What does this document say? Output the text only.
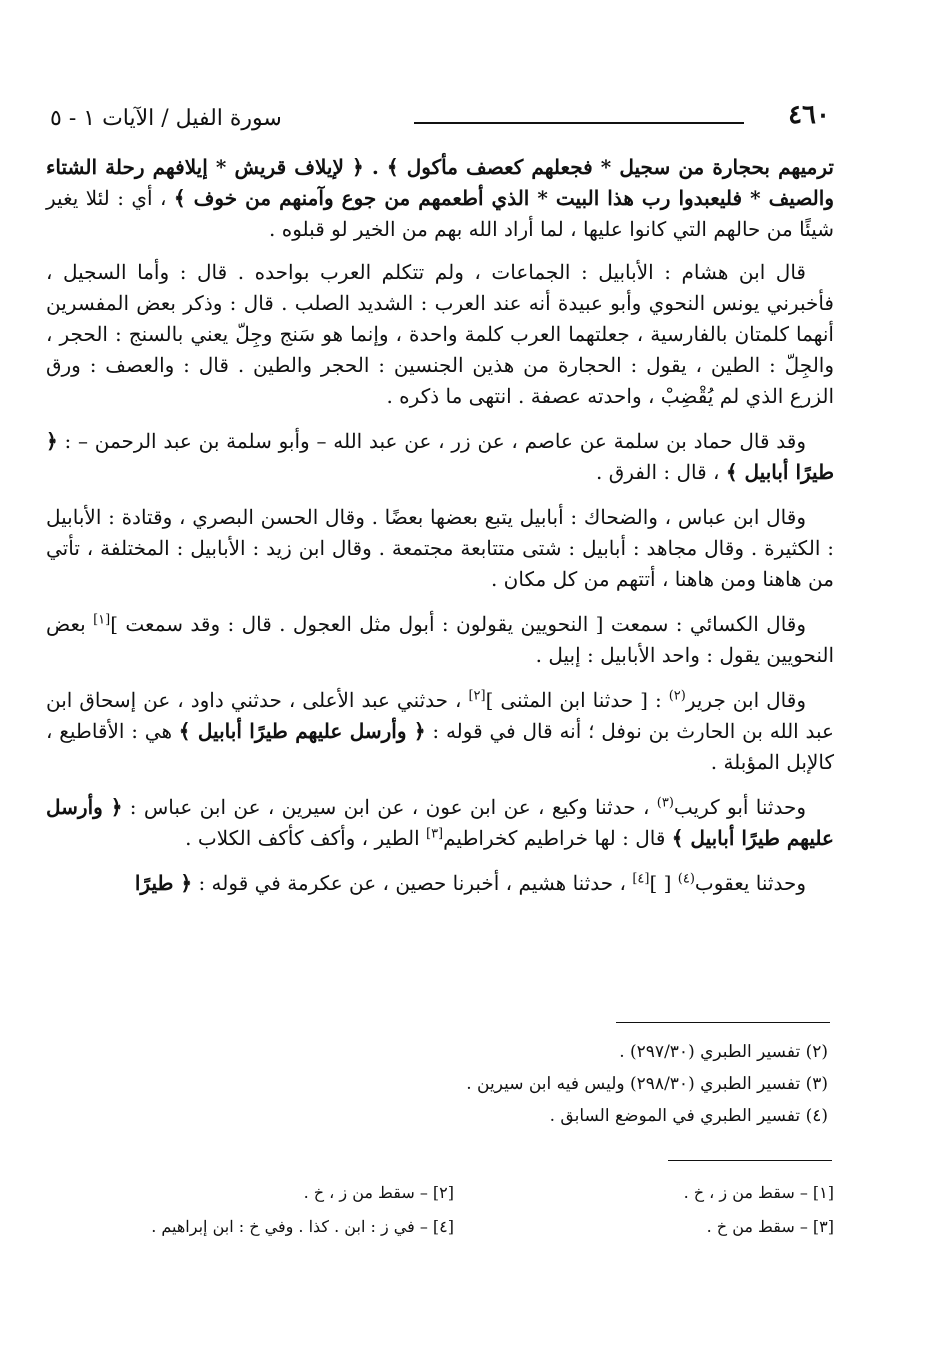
٤٦٠
سورة الفيل / الآيات ١ - ٥

ترميهم بحجارة من سجيل * فجعلهم كعصف مأكول ﴾ . ﴿ لإيلاف قريش * إيلافهم رحلة الشتاء والصيف * فليعبدوا رب هذا البيت * الذي أطعمهم من جوع وآمنهم من خوف ﴾ ، أي : لئلا يغير شيئًا من حالهم التي كانوا عليها ، لما أراد الله بهم من الخير لو قبلوه .

قال ابن هشام : الأبابيل : الجماعات ، ولم تتكلم العرب بواحده . قال : وأما السجيل ، فأخبرني يونس النحوي وأبو عبيدة أنه عند العرب : الشديد الصلب . قال : وذكر بعض المفسرين أنهما كلمتان بالفارسية ، جعلتهما العرب كلمة واحدة ، وإنما هو سَنج وجِلّ يعني بالسنج : الحجر ، والجِلّ : الطين ، يقول : الحجارة من هذين الجنسين : الحجر والطين . قال : والعصف : ورق الزرع الذي لم يُقْضِبْ ، واحدته عصفة . انتهى ما ذكره .

وقد قال حماد بن سلمة عن عاصم ، عن زر ، عن عبد الله – وأبو سلمة بن عبد الرحمن – : ﴿ طيرًا أبابيل ﴾ ، قال : الفرق .

وقال ابن عباس ، والضحاك : أبابيل يتبع بعضها بعضًا . وقال الحسن البصري ، وقتادة : الأبابيل : الكثيرة . وقال مجاهد : أبابيل : شتى متتابعة مجتمعة . وقال ابن زيد : الأبابيل : المختلفة ، تأتي من هاهنا ومن هاهنا ، أتتهم من كل مكان .

وقال الكسائي : سمعت [ النحويين يقولون : أبول مثل العجول . قال : وقد سمعت ][١] بعض النحويين يقول : واحد الأبابيل : إبيل .

وقال ابن جرير$^{(٢)}$ : [ حدثنا ابن المثنى ][٢] ، حدثني عبد الأعلى ، حدثني داود ، عن إسحاق ابن عبد الله بن الحارث بن نوفل ؛ أنه قال في قوله : ﴿ وأرسل عليهم طيرًا أبابيل ﴾ هي : الأقاطيع ، كالإبل المؤبلة .

وحدثنا أبو كريب$^{(٣)}$ ، حدثنا وكيع ، عن ابن عون ، عن ابن سيرين ، عن ابن عباس : ﴿ وأرسل عليهم طيرًا أبابيل ﴾ قال : لها خراطيم كخراطيم[٣] الطير ، وأكف كأكف الكلاب .

وحدثنا يعقوب$^{(٤)}$ [ ][٤] ، حدثنا هشيم ، أخبرنا حصين ، عن عكرمة في قوله : ﴿ طيرًا

(٢) تفسير الطبري (٢٩٧/٣٠) .

(٣) تفسير الطبري (٢٩٨/٣٠) وليس فيه ابن سيرين .

(٤) تفسير الطبري في الموضع السابق .

[١] – سقط من ز ، خ .
[٢] – سقط من ز ، خ .
[٣] – سقط من خ .
[٤] – في ز : ابن . كذا . وفي خ : ابن إبراهيم .
